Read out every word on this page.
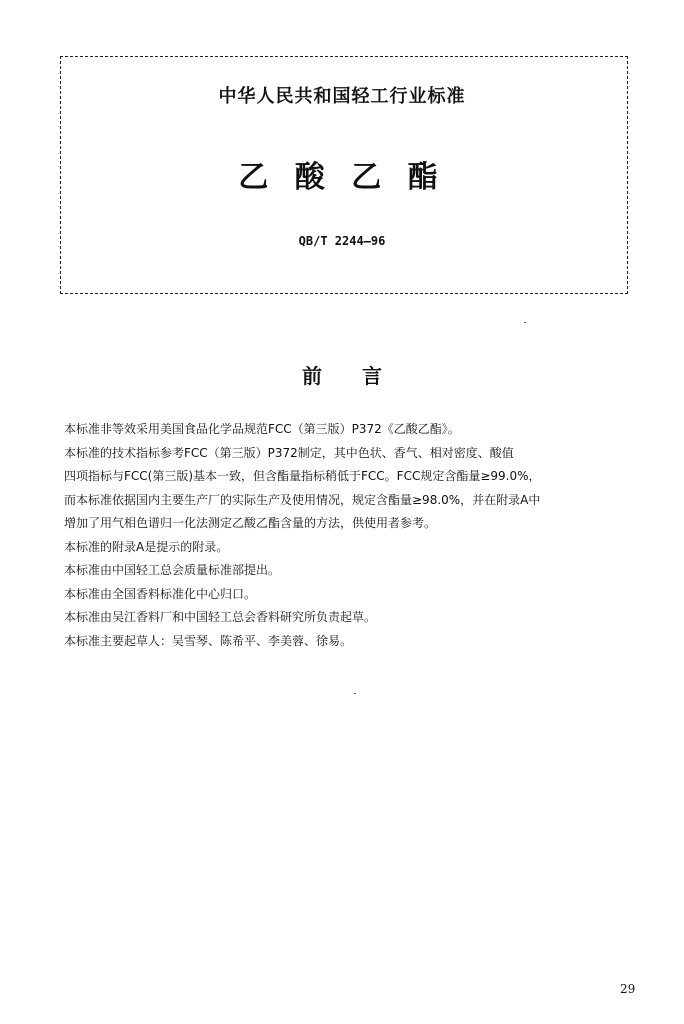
中华人民共和国轻工行业标准
乙 酸 乙 酯
QB/T 2244—96
前言

本标准非等效采用美国食品化学品规范FCC（第三版）P372《乙酸乙酯》。

本标准的技术指标参考FCC（第三版）P372制定，其中色状、香气、相对密度、酸值

四项指标与FCC(第三版)基本一致，但含酯量指标稍低于FCC。FCC规定含酯量≥99.0%，

而本标准依据国内主要生产厂的实际生产及使用情况，规定含酯量≥98.0%，并在附录A中

增加了用气相色谱归一化法测定乙酸乙酯含量的方法，供使用者参考。

本标准的附录A是提示的附录。

本标准由中国轻工总会质量标准部提出。

本标准由全国香料标准化中心归口。

本标准由吴江香料厂和中国轻工总会香料研究所负责起草。

本标准主要起草人：吴雪琴、陈希平、李美蓉、徐易。

29
